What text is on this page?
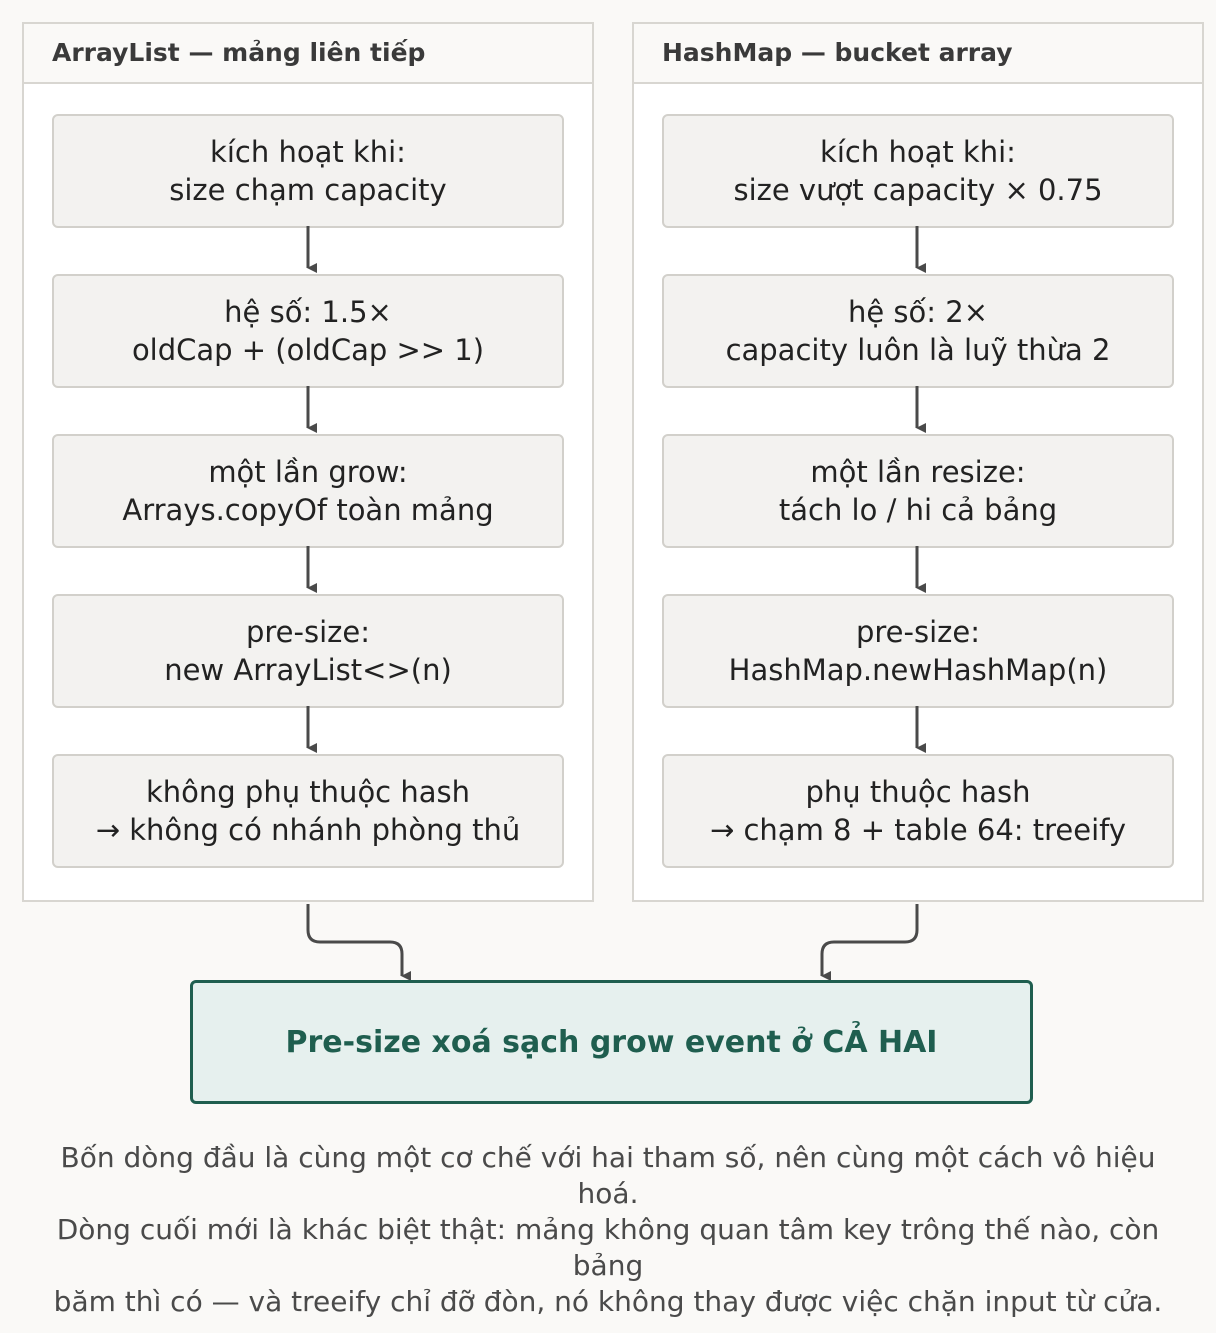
ArrayList — mảng liên tiếp
kích hoạt khi:
size chạm capacity
hệ số: 1.5×
oldCap + (oldCap >> 1)
một lần grow:
Arrays.copyOf toàn mảng
pre-size:
new ArrayList<>(n)
không phụ thuộc hash
→ không có nhánh phòng thủ
HashMap — bucket array
kích hoạt khi:
size vượt capacity × 0.75
hệ số: 2×
capacity luôn là luỹ thừa 2
một lần resize:
tách lo / hi cả bảng
pre-size:
HashMap.newHashMap(n)
phụ thuộc hash
→ chạm 8 + table 64: treeify
Pre-size xoá sạch grow event ở CẢ HAI
Bốn dòng đầu là cùng một cơ chế với hai tham số, nên cùng một cách vô hiệu
hoá.
Dòng cuối mới là khác biệt thật: mảng không quan tâm key trông thế nào, còn
bảng
băm thì có — và treeify chỉ đỡ đòn, nó không thay được việc chặn input từ cửa.
